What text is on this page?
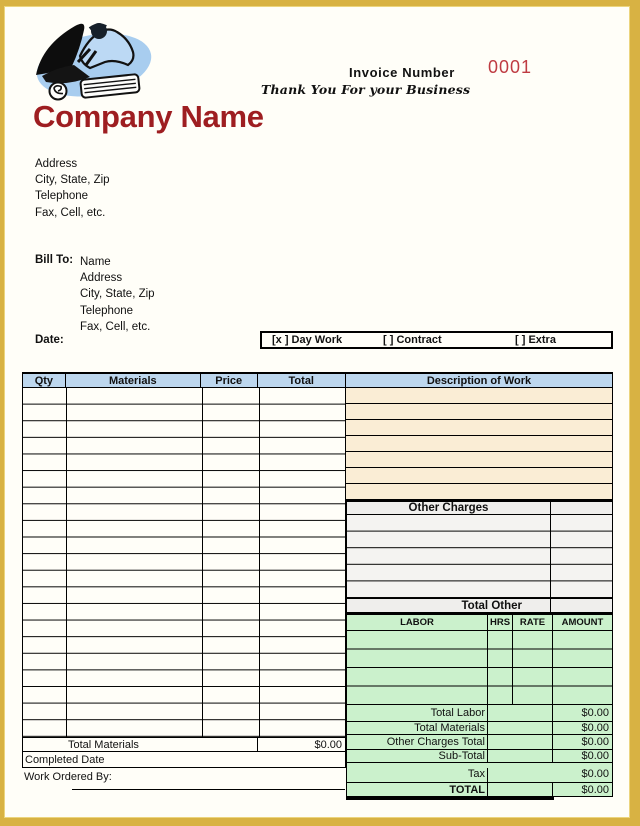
Invoice Number 0001
Thank You For your Business
Company Name
Address
City, State, Zip
Telephone
Fax, Cell, etc.
Bill To: Name
Address
City, State, Zip
Telephone
Fax, Cell, etc.
Date:	[x ] Day Work	[ ] Contract	[ ] Extra
Qty	Materials	Price	Total
Total Materials	$0.00
Completed Date
Work Ordered By:
Description of Work
Other Charges
Total Other
LABOR	HRS	RATE	AMOUNT
Total Labor	$0.00
Total Materials	$0.00
Other Charges Total	$0.00
Sub-Total	$0.00
Tax	$0.00
TOTAL	$0.00
